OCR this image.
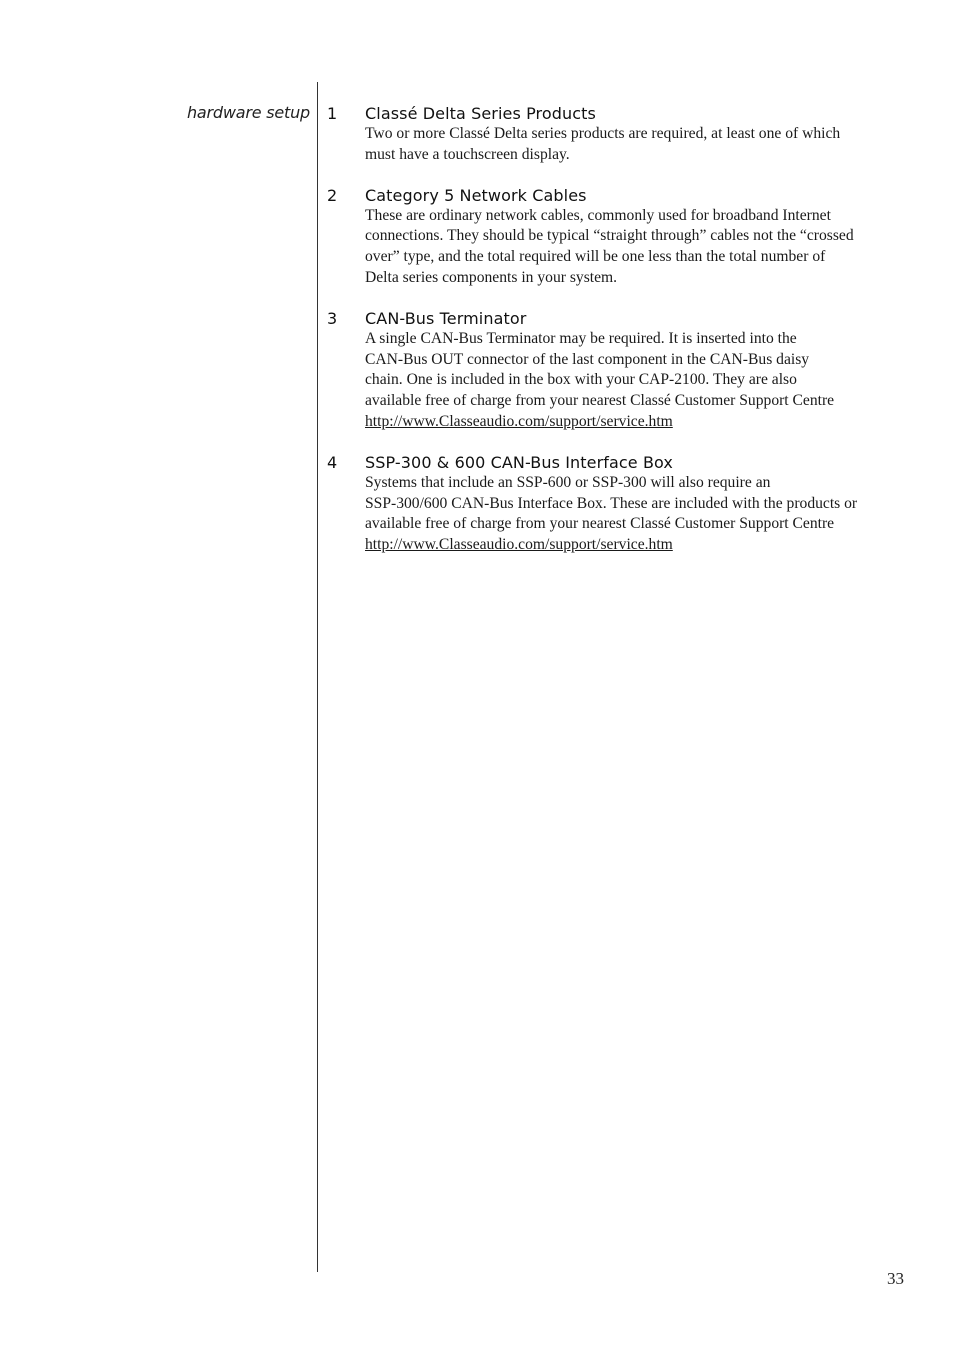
hardware setup 1 Classé Delta Series Products

Two or more Classé Delta series products are required, at least one of which

must have a touchscreen display.

2 Category 5 Network Cables

These are ordinary network cables, commonly used for broadband Internet

connections. They should be typical “straight through” cables not the “crossed

over” type, and the total required will be one less than the total number of

Delta series components in your system.

3 CAN-Bus Terminator

A single CAN-Bus Terminator may be required. It is inserted into the

CAN-Bus OUT connector of the last component in the CAN-Bus daisy

chain. One is included in the box with your CAP-2100. They are also

available free of charge from your nearest Classé Customer Support Centre

http://www.Classeaudio.com/support/service.htm

4 SSP-300 & 600 CAN-Bus Interface Box

Systems that include an SSP-600 or SSP-300 will also require an

SSP-300/600 CAN-Bus Interface Box. These are included with the products or

available free of charge from your nearest Classé Customer Support Centre

http://www.Classeaudio.com/support/service.htm

33
